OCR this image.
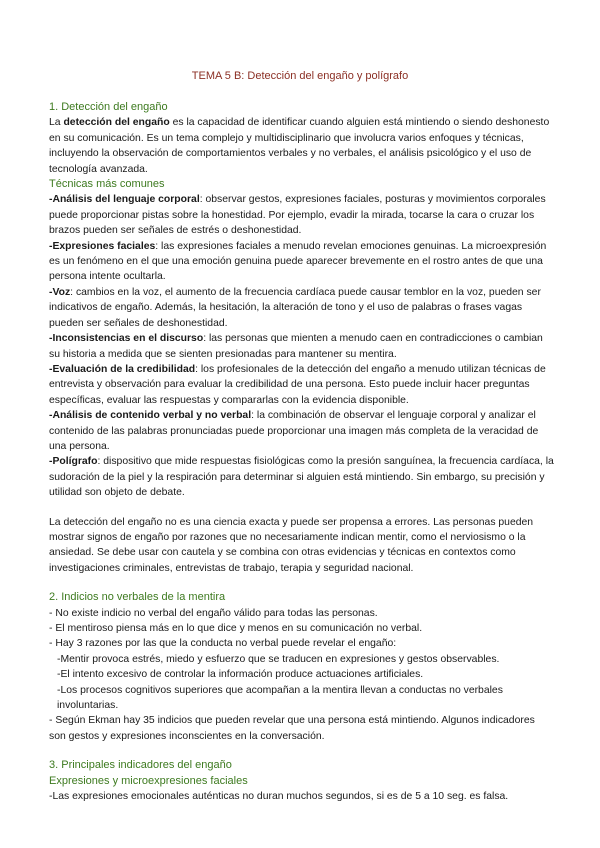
TEMA 5 B: Detección del engaño y polígrafo
1. Detección del engaño

La detección del engaño es la capacidad de identificar cuando alguien está mintiendo o siendo deshonesto en su comunicación. Es un tema complejo y multidisciplinario que involucra varios enfoques y técnicas, incluyendo la observación de comportamientos verbales y no verbales, el análisis psicológico y el uso de tecnología avanzada.

Técnicas más comunes

-Análisis del lenguaje corporal: observar gestos, expresiones faciales, posturas y movimientos corporales puede proporcionar pistas sobre la honestidad. Por ejemplo, evadir la mirada, tocarse la cara o cruzar los brazos pueden ser señales de estrés o deshonestidad.

-Expresiones faciales: las expresiones faciales a menudo revelan emociones genuinas. La microexpresión es un fenómeno en el que una emoción genuina puede aparecer brevemente en el rostro antes de que una persona intente ocultarla.

-Voz: cambios en la voz, el aumento de la frecuencia cardíaca puede causar temblor en la voz, pueden ser indicativos de engaño. Además, la hesitación, la alteración de tono y el uso de palabras o frases vagas pueden ser señales de deshonestidad.

-Inconsistencias en el discurso: las personas que mienten a menudo caen en contradicciones o cambian su historia a medida que se sienten presionadas para mantener su mentira.

-Evaluación de la credibilidad: los profesionales de la detección del engaño a menudo utilizan técnicas de entrevista y observación para evaluar la credibilidad de una persona. Esto puede incluir hacer preguntas específicas, evaluar las respuestas y compararlas con la evidencia disponible.

-Análisis de contenido verbal y no verbal: la combinación de observar el lenguaje corporal y analizar el contenido de las palabras pronunciadas puede proporcionar una imagen más completa de la veracidad de una persona.

-Polígrafo: dispositivo que mide respuestas fisiológicas como la presión sanguínea, la frecuencia cardíaca, la sudoración de la piel y la respiración para determinar si alguien está mintiendo. Sin embargo, su precisión y utilidad son objeto de debate.

La detección del engaño no es una ciencia exacta y puede ser propensa a errores. Las personas pueden mostrar signos de engaño por razones que no necesariamente indican mentir, como el nerviosismo o la ansiedad. Se debe usar con cautela y se combina con otras evidencias y técnicas en contextos como investigaciones criminales, entrevistas de trabajo, terapia y seguridad nacional.

2. Indicios no verbales de la mentira

- No existe indicio no verbal del engaño válido para todas las personas.

- El mentiroso piensa más en lo que dice y menos en su comunicación no verbal.

- Hay 3 razones por las que la conducta no verbal puede revelar el engaño:

-Mentir provoca estrés, miedo y esfuerzo que se traducen en expresiones y gestos observables.

-El intento excesivo de controlar la información produce actuaciones artificiales.

-Los procesos cognitivos superiores que acompañan a la mentira llevan a conductas no verbales involuntarias.

- Según Ekman hay 35 indicios que pueden revelar que una persona está mintiendo. Algunos indicadores son gestos y expresiones inconscientes en la conversación.

3. Principales indicadores del engaño
Expresiones y microexpresiones faciales

-Las expresiones emocionales auténticas no duran muchos segundos, si es de 5 a 10 seg. es falsa.
